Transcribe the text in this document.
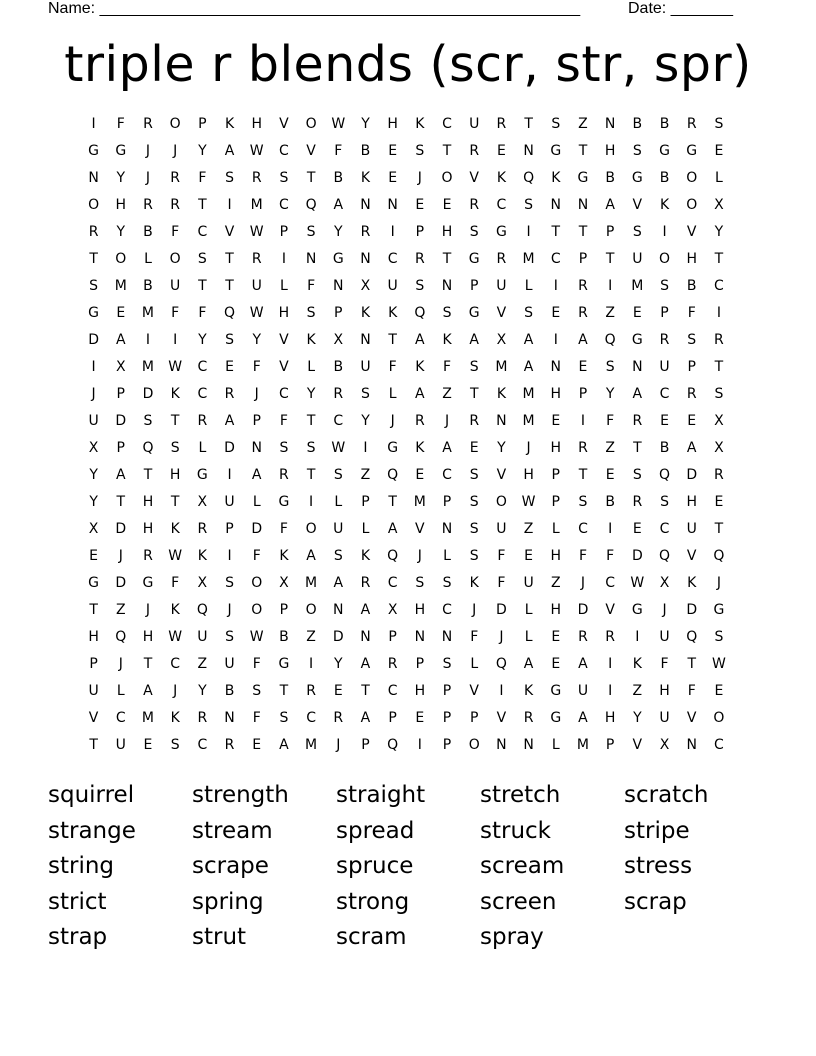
Name: ______________________________________________________	Date: _______
triple r blends (scr, str, spr)
I	F	R	O	P	K	H	V	O	W	Y	H	K	C	U	R	T	S	Z	N	B	B	R	S
G	G	J	J	Y	A	W	C	V	F	B	E	S	T	R	E	N	G	T	H	S	G	G	E
N	Y	J	R	F	S	R	S	T	B	K	E	J	O	V	K	Q	K	G	B	G	B	O	L
O	H	R	R	T	I	M	C	Q	A	N	N	E	E	R	C	S	N	N	A	V	K	O	X
R	Y	B	F	C	V	W	P	S	Y	R	I	P	H	S	G	I	T	T	P	S	I	V	Y
T	O	L	O	S	T	R	I	N	G	N	C	R	T	G	R	M	C	P	T	U	O	H	T
S	M	B	U	T	T	U	L	F	N	X	U	S	N	P	U	L	I	R	I	M	S	B	C
G	E	M	F	F	Q	W	H	S	P	K	K	Q	S	G	V	S	E	R	Z	E	P	F	I
D	A	I	I	Y	S	Y	V	K	X	N	T	A	K	A	X	A	I	A	Q	G	R	S	R
I	X	M	W	C	E	F	V	L	B	U	F	K	F	S	M	A	N	E	S	N	U	P	T
J	P	D	K	C	R	J	C	Y	R	S	L	A	Z	T	K	M	H	P	Y	A	C	R	S
U	D	S	T	R	A	P	F	T	C	Y	J	R	J	R	N	M	E	I	F	R	E	E	X
X	P	Q	S	L	D	N	S	S	W	I	G	K	A	E	Y	J	H	R	Z	T	B	A	X
Y	A	T	H	G	I	A	R	T	S	Z	Q	E	C	S	V	H	P	T	E	S	Q	D	R
Y	T	H	T	X	U	L	G	I	L	P	T	M	P	S	O	W	P	S	B	R	S	H	E
X	D	H	K	R	P	D	F	O	U	L	A	V	N	S	U	Z	L	C	I	E	C	U	T
E	J	R	W	K	I	F	K	A	S	K	Q	J	L	S	F	E	H	F	F	D	Q	V	Q
G	D	G	F	X	S	O	X	M	A	R	C	S	S	K	F	U	Z	J	C	W	X	K	J
T	Z	J	K	Q	J	O	P	O	N	A	X	H	C	J	D	L	H	D	V	G	J	D	G
H	Q	H	W	U	S	W	B	Z	D	N	P	N	N	F	J	L	E	R	R	I	U	Q	S
P	J	T	C	Z	U	F	G	I	Y	A	R	P	S	L	Q	A	E	A	I	K	F	T	W
U	L	A	J	Y	B	S	T	R	E	T	C	H	P	V	I	K	G	U	I	Z	H	F	E
V	C	M	K	R	N	F	S	C	R	A	P	E	P	P	V	R	G	A	H	Y	U	V	O
T	U	E	S	C	R	E	A	M	J	P	Q	I	P	O	N	N	L	M	P	V	X	N	C
squirrel	strength	straight	stretch	scratch
strange	stream	spread	struck	stripe
string	scrape	spruce	scream	stress
strict	spring	strong	screen	scrap
strap	strut	scram	spray
